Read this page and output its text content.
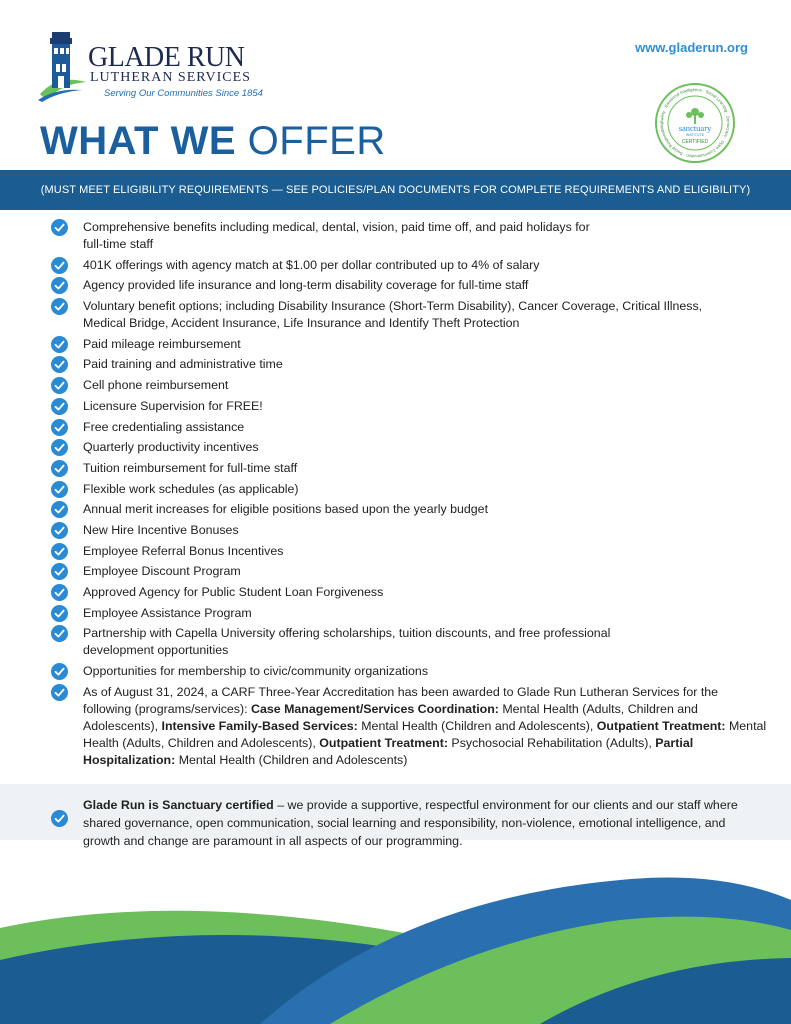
GLADE RUN
LUTHERAN SERVICES
Serving Our Communities Since 1854
www.gladerun.org
Safety · Emotional Intelligence · Social Learning · Democracy · Open Communication · Social Responsibility	sanctuary
INSTITUTE
CERTIFIED
WHAT WE OFFER
(MUST MEET ELIGIBILITY REQUIREMENTS — SEE POLICIES/PLAN DOCUMENTS FOR COMPLETE REQUIREMENTS AND ELIGIBILITY)
Comprehensive benefits including medical, dental, vision, paid time off, and paid holidays for
full-time staff
401K offerings with agency match at $1.00 per dollar contributed up to 4% of salary
Agency provided life insurance and long-term disability coverage for full-time staff
Voluntary benefit options; including Disability Insurance (Short-Term Disability), Cancer Coverage, Critical Illness,
Medical Bridge, Accident Insurance, Life Insurance and Identify Theft Protection
Paid mileage reimbursement
Paid training and administrative time
Cell phone reimbursement
Licensure Supervision for FREE!
Free credentialing assistance
Quarterly productivity incentives
Tuition reimbursement for full-time staff
Flexible work schedules (as applicable)
Annual merit increases for eligible positions based upon the yearly budget
New Hire Incentive Bonuses
Employee Referral Bonus Incentives
Employee Discount Program
Approved Agency for Public Student Loan Forgiveness
Employee Assistance Program
Partnership with Capella University offering scholarships, tuition discounts, and free professional
development opportunities
Opportunities for membership to civic/community organizations
As of August 31, 2024, a CARF Three-Year Accreditation has been awarded to Glade Run Lutheran Services for the following (programs/services): Case Management/Services Coordination: Mental Health (Adults, Children and Adolescents), Intensive Family-Based Services: Mental Health (Children and Adolescents), Outpatient Treatment: Mental Health (Adults, Children and Adolescents), Outpatient Treatment: Psychosocial Rehabilitation (Adults), Partial Hospitalization: Mental Health (Children and Adolescents)
Glade Run is Sanctuary certified – we provide a supportive, respectful environment for our clients and our staff where shared governance, open communication, social learning and responsibility, non-violence, emotional intelligence, and growth and change are paramount in all aspects of our programming.
